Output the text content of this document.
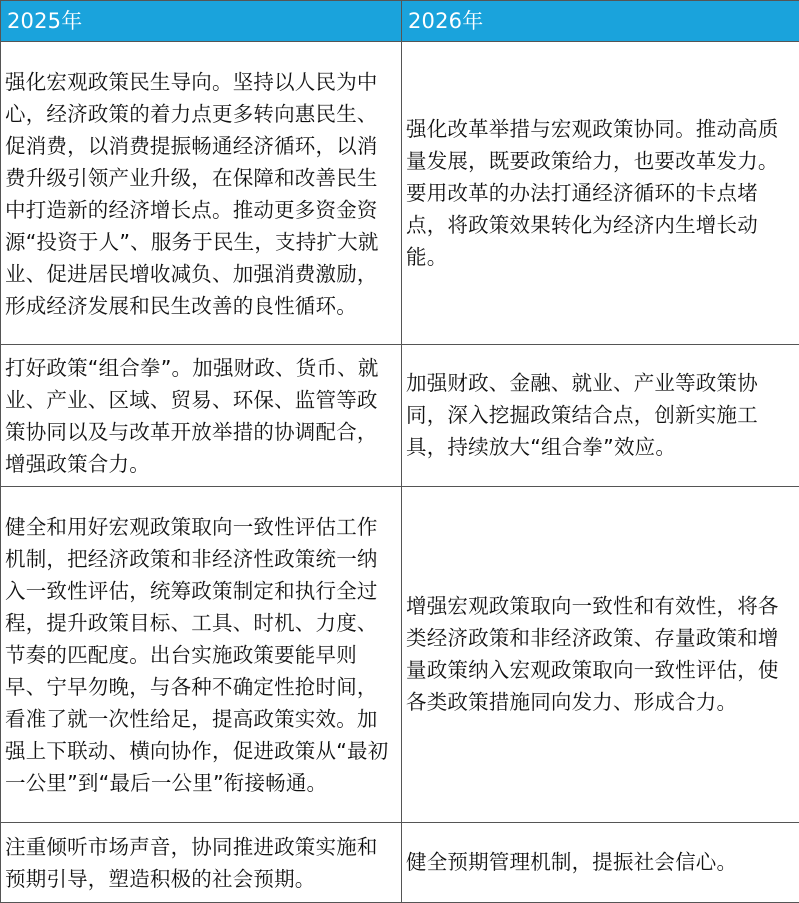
2025年	2026年
强化宏观政策民生导向。坚持以人民为中心，经济政策的着力点更多转向惠民生、促消费，以消费提振畅通经济循环，以消费升级引领产业升级，在保障和改善民生中打造新的经济增长点。推动更多资金资源“投资于人”、服务于民生，支持扩大就业、促进居民增收减负、加强消费激励，形成经济发展和民生改善的良性循环。	强化改革举措与宏观政策协同。推动高质量发展，既要政策给力，也要改革发力。要用改革的办法打通经济循环的卡点堵点，将政策效果转化为经济内生增长动能。
打好政策“组合拳”。加强财政、货币、就业、产业、区域、贸易、环保、监管等政策协同以及与改革开放举措的协调配合，增强政策合力。	加强财政、金融、就业、产业等政策协同，深入挖掘政策结合点，创新实施工具，持续放大“组合拳”效应。
健全和用好宏观政策取向一致性评估工作机制，把经济政策和非经济性政策统一纳入一致性评估，统筹政策制定和执行全过程，提升政策目标、工具、时机、力度、节奏的匹配度。出台实施政策要能早则早、宁早勿晚，与各种不确定性抢时间，看准了就一次性给足，提高政策实效。加强上下联动、横向协作，促进政策从“最初一公里”到“最后一公里”衔接畅通。	增强宏观政策取向一致性和有效性，将各类经济政策和非经济政策、存量政策和增量政策纳入宏观政策取向一致性评估，使各类政策措施同向发力、形成合力。
注重倾听市场声音，协同推进政策实施和预期引导，塑造积极的社会预期。	健全预期管理机制，提振社会信心。
